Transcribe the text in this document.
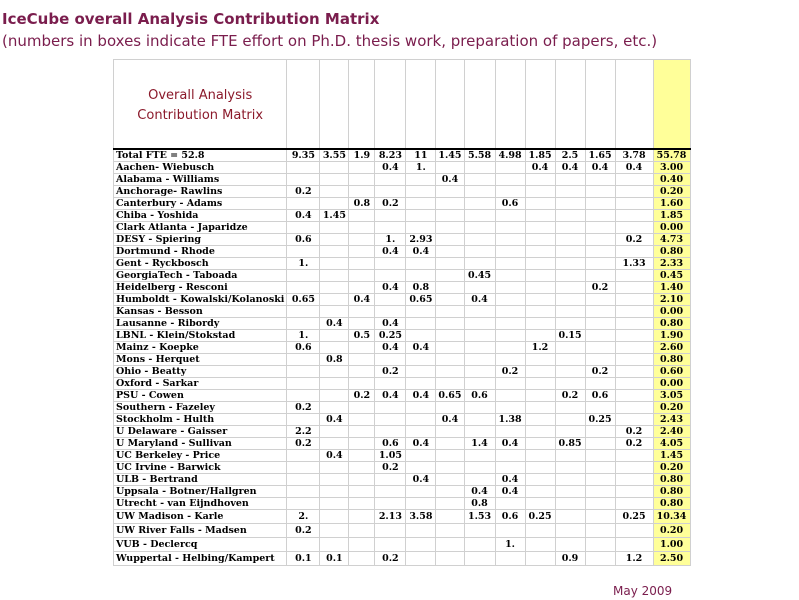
IceCube overall Analysis Contribution Matrix
(numbers in boxes indicate FTE effort on Ph.D. thesis work, preparation of papers, etc.)
Overall Analysis
Contribution Matrix													

Total FTE = 52.8	9.35	3.55	1.9	8.23	11	1.45	5.58	4.98	1.85	2.5	1.65	3.78	55.78
Aachen- Wiebusch				0.4	1.				0.4	0.4	0.4	0.4	3.00
Alabama - Williams						0.4							0.40
Anchorage- Rawlins	0.2												0.20
Canterbury - Adams			0.8	0.2				0.6					1.60
Chiba - Yoshida	0.4	1.45											1.85
Clark Atlanta - Japaridze													0.00
DESY - Spiering	0.6			1.	2.93							0.2	4.73
Dortmund - Rhode				0.4	0.4								0.80
Gent - Ryckbosch	1.											1.33	2.33
GeorgiaTech - Taboada							0.45						0.45
Heidelberg - Resconi				0.4	0.8						0.2		1.40
Humboldt - Kowalski/Kolanoski	0.65		0.4		0.65		0.4						2.10
Kansas - Besson													0.00
Lausanne - Ribordy		0.4		0.4									0.80
LBNL - Klein/Stokstad	1.		0.5	0.25						0.15			1.90
Mainz - Koepke	0.6			0.4	0.4				1.2				2.60
Mons - Herquet		0.8											0.80
Ohio - Beatty				0.2				0.2			0.2		0.60
Oxford - Sarkar													0.00
PSU - Cowen			0.2	0.4	0.4	0.65	0.6			0.2	0.6		3.05
Southern - Fazeley	0.2												0.20
Stockholm - Hulth		0.4				0.4		1.38			0.25		2.43
U Delaware - Gaisser	2.2											0.2	2.40
U Maryland - Sullivan	0.2			0.6	0.4		1.4	0.4		0.85		0.2	4.05
UC Berkeley - Price		0.4		1.05									1.45
UC Irvine - Barwick				0.2									0.20
ULB - Bertrand					0.4			0.4					0.80
Uppsala - Botner/Hallgren							0.4	0.4					0.80
Utrecht - van Eijndhoven							0.8						0.80
UW Madison - Karle	2.			2.13	3.58		1.53	0.6	0.25			0.25	10.34
UW River Falls - Madsen	0.2												0.20
VUB - Declercq								1.					1.00
Wuppertal - Helbing/Kampert	0.1	0.1		0.2						0.9		1.2	2.50
May 2009
